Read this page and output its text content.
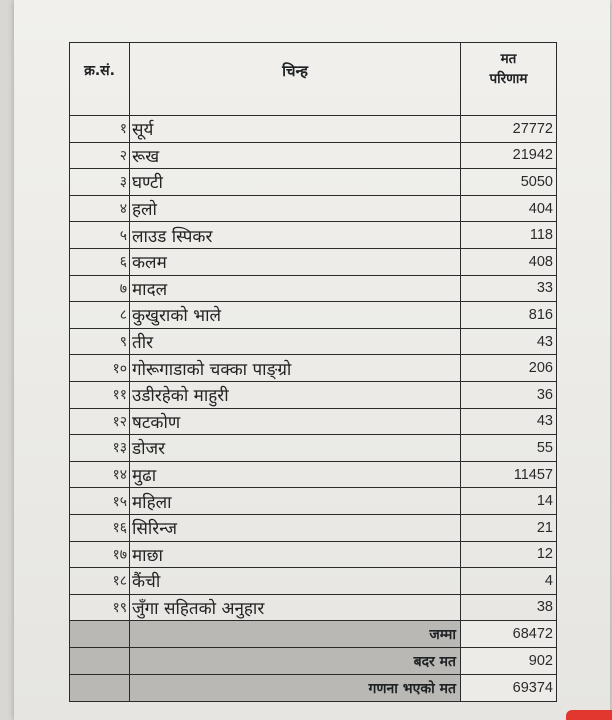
क्र.सं.	चिन्ह	मत
परिणाम

१	सूर्य	27772
२	रूख	21942
३	घण्टी	5050
४	हलो	404
५	लाउड स्पिकर	118
६	कलम	408
७	मादल	33
८	कुखुराको भाले	816
९	तीर	43
१०	गोरूगाडाको चक्का पाङ्ग्रो	206
११	उडीरहेको माहुरी	36
१२	षटकोण	43
१३	डोजर	55
१४	मुढा	11457
१५	महिला	14
१६	सिरिन्ज	21
१७	माछा	12
१८	कैंची	4
१९	जुँगा सहितको अनुहार	38
	जम्मा	68472
	बदर मत	902
	गणना भएको मत	69374
